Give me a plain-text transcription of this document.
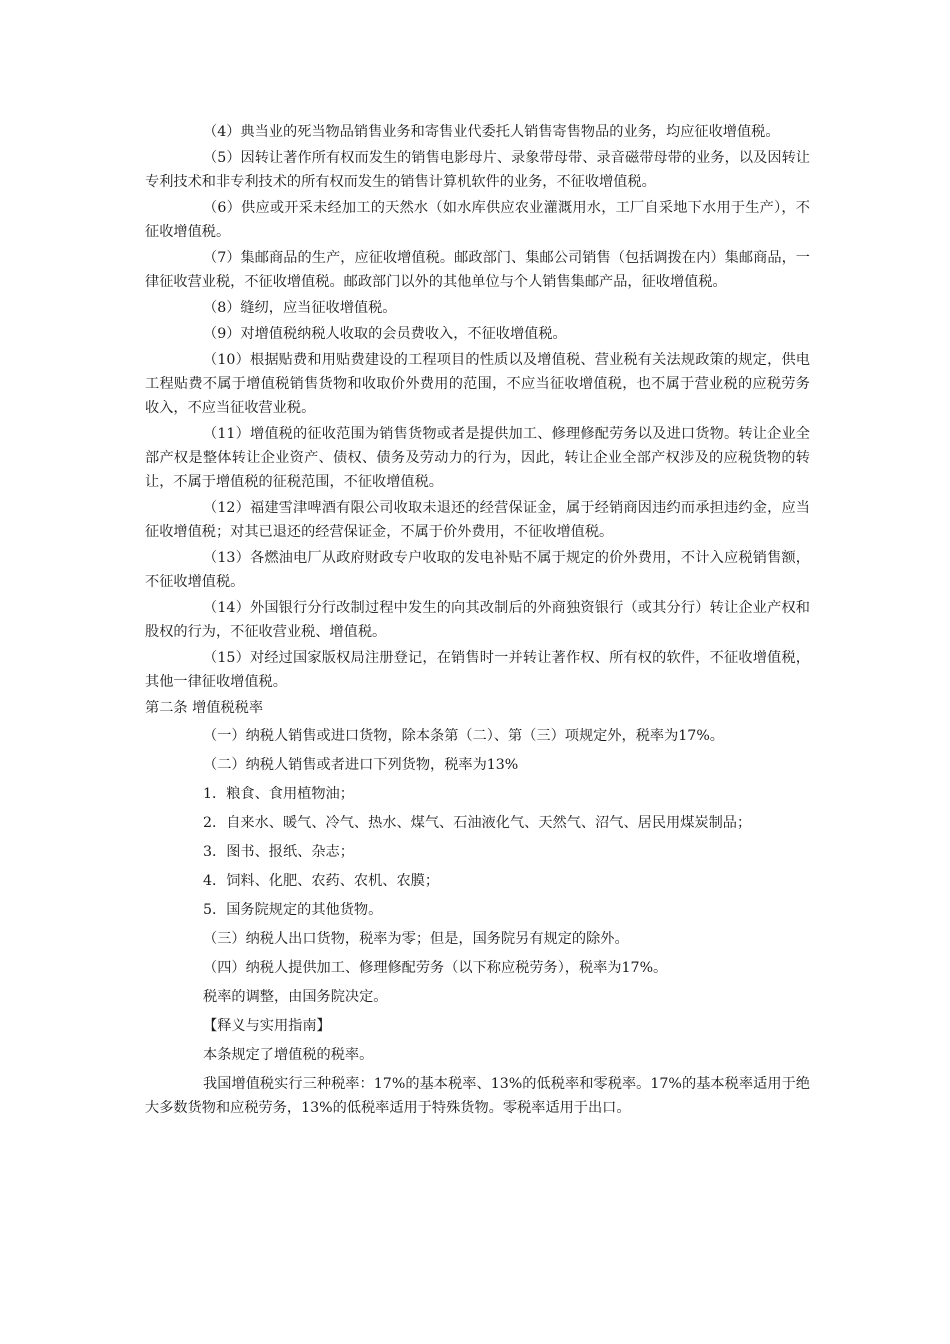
（4）典当业的死当物品销售业务和寄售业代委托人销售寄售物品的业务，均应征收增值税。

（5）因转让著作所有权而发生的销售电影母片、录象带母带、录音磁带母带的业务，以及因转让专利技术和非专利技术的所有权而发生的销售计算机软件的业务，不征收增值税。

（6）供应或开采未经加工的天然水（如水库供应农业灌溉用水，工厂自采地下水用于生产），不征收增值税。

（7）集邮商品的生产，应征收增值税。邮政部门、集邮公司销售（包括调拨在内）集邮商品，一律征收营业税，不征收增值税。邮政部门以外的其他单位与个人销售集邮产品，征收增值税。

（8）缝纫，应当征收增值税。

（9）对增值税纳税人收取的会员费收入，不征收增值税。

（10）根据贴费和用贴费建设的工程项目的性质以及增值税、营业税有关法规政策的规定，供电工程贴费不属于增值税销售货物和收取价外费用的范围，不应当征收增值税，也不属于营业税的应税劳务收入，不应当征收营业税。

（11）增值税的征收范围为销售货物或者是提供加工、修理修配劳务以及进口货物。转让企业全部产权是整体转让企业资产、债权、债务及劳动力的行为，因此，转让企业全部产权涉及的应税货物的转让，不属于增值税的征税范围，不征收增值税。

（12）福建雪津啤酒有限公司收取未退还的经营保证金，属于经销商因违约而承担违约金，应当征收增值税；对其已退还的经营保证金，不属于价外费用，不征收增值税。

（13）各燃油电厂从政府财政专户收取的发电补贴不属于规定的价外费用，不计入应税销售额，不征收增值税。

（14）外国银行分行改制过程中发生的向其改制后的外商独资银行（或其分行）转让企业产权和股权的行为，不征收营业税、增值税。

（15）对经过国家版权局注册登记，在销售时一并转让著作权、所有权的软件，不征收增值税，其他一律征收增值税。

第二条 增值税税率

（一）纳税人销售或进口货物，除本条第（二）、第（三）项规定外，税率为17%。

（二）纳税人销售或者进口下列货物，税率为13%

1．粮食、食用植物油；
2．自来水、暖气、冷气、热水、煤气、石油液化气、天然气、沼气、居民用煤炭制品；
3．图书、报纸、杂志；
4．饲料、化肥、农药、农机、农膜；
5．国务院规定的其他货物。

（三）纳税人出口货物，税率为零；但是，国务院另有规定的除外。

（四）纳税人提供加工、修理修配劳务（以下称应税劳务），税率为17%。

税率的调整，由国务院决定。

【释义与实用指南】

本条规定了增值税的税率。

我国增值税实行三种税率：17%的基本税率、13%的低税率和零税率。17%的基本税率适用于绝大多数货物和应税劳务，13%的低税率适用于特殊货物。零税率适用于出口。
